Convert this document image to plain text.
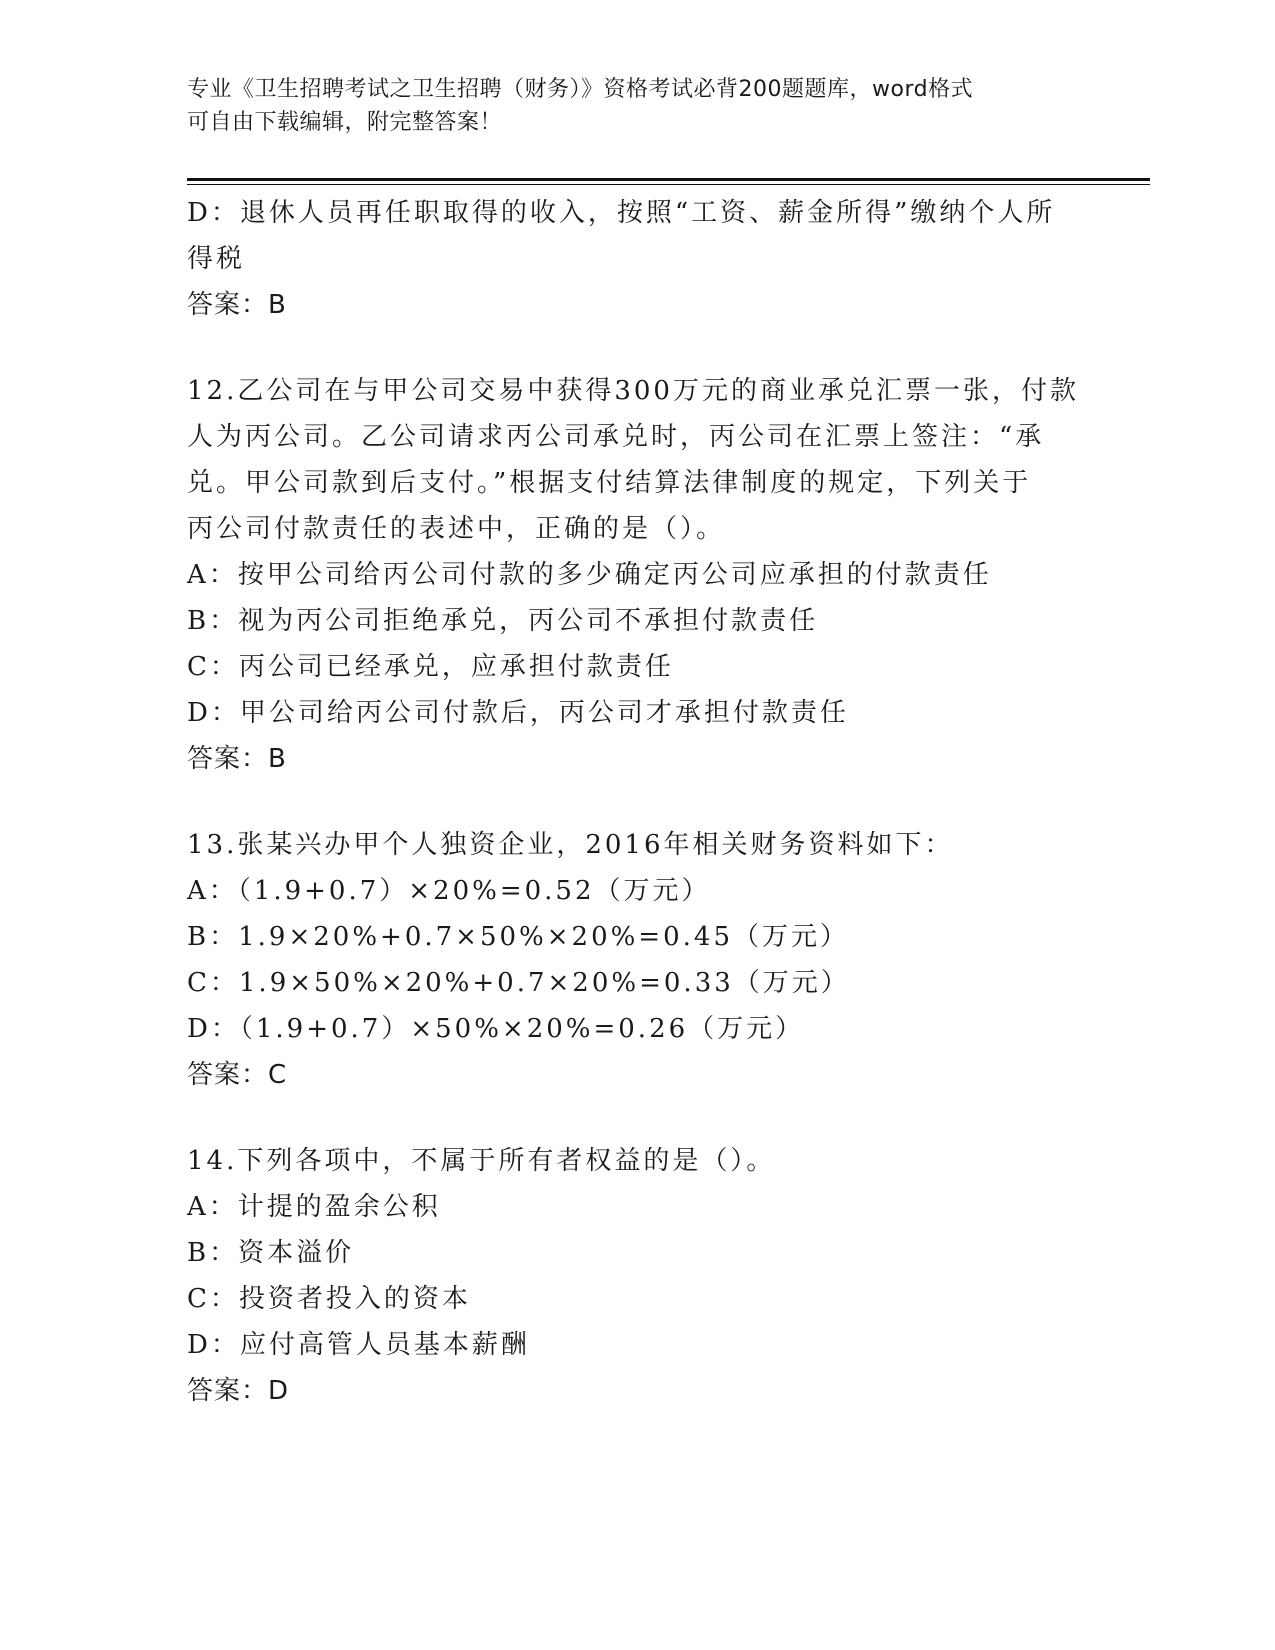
专业《卫生招聘考试之卫生招聘（财务）》资格考试必背200题题库，word格式
可自由下载编辑，附完整答案！
D：退休人员再任职取得的收入，按照“工资、薪金所得”缴纳个人所
得税
答案：B
12.乙公司在与甲公司交易中获得300万元的商业承兑汇票一张，付款
人为丙公司。乙公司请求丙公司承兑时，丙公司在汇票上签注：“承
兑。甲公司款到后支付。”根据支付结算法律制度的规定，下列关于
丙公司付款责任的表述中，正确的是（）。
A：按甲公司给丙公司付款的多少确定丙公司应承担的付款责任
B：视为丙公司拒绝承兑，丙公司不承担付款责任
C：丙公司已经承兑，应承担付款责任
D：甲公司给丙公司付款后，丙公司才承担付款责任
答案：B
13.张某兴办甲个人独资企业，2016年相关财务资料如下：
A：（1.9+0.7）×20%=0.52（万元）
B：1.9×20%+0.7×50%×20%=0.45（万元）
C：1.9×50%×20%+0.7×20%=0.33（万元）
D：（1.9+0.7）×50%×20%=0.26（万元）
答案：C
14.下列各项中，不属于所有者权益的是（）。
A：计提的盈余公积
B：资本溢价
C：投资者投入的资本
D：应付高管人员基本薪酬
答案：D
